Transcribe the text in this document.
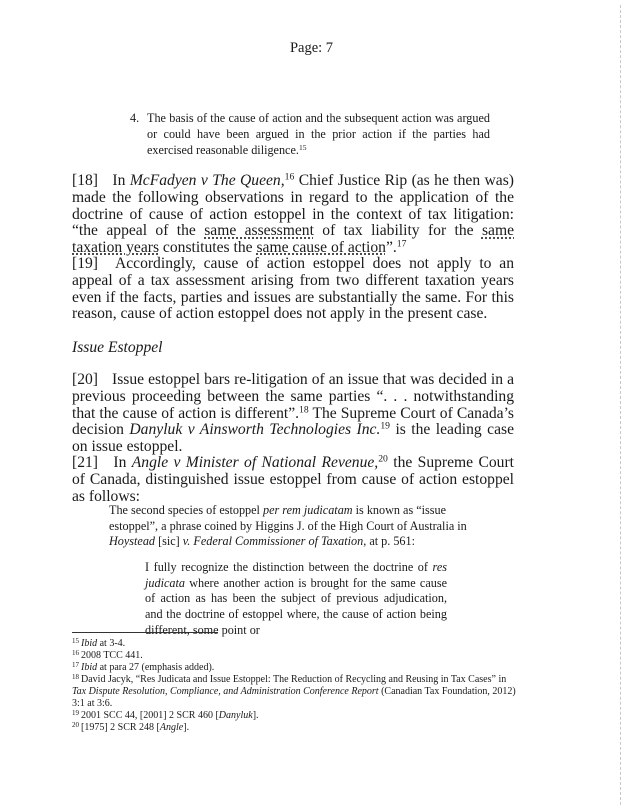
Page: 7
4. The basis of the cause of action and the subsequent action was argued or could have been argued in the prior action if the parties had exercised reasonable diligence.$^{15}$
[18] In McFadyen v The Queen,$^{16}$ Chief Justice Rip (as he then was) made the following observations in regard to the application of the doctrine of cause of action estoppel in the context of tax litigation: “the appeal of the same assessment of tax liability for the same taxation years constitutes the same cause of action”.$^{17}$
[19] Accordingly, cause of action estoppel does not apply to an appeal of a tax assessment arising from two different taxation years even if the facts, parties and issues are substantially the same. For this reason, cause of action estoppel does not apply in the present case.
Issue Estoppel
[20] Issue estoppel bars re-litigation of an issue that was decided in a previous proceeding between the same parties “. . . notwithstanding that the cause of action is different”.$^{18}$ The Supreme Court of Canada’s decision Danyluk v Ainsworth Technologies Inc.$^{19}$ is the leading case on issue estoppel.
[21] In Angle v Minister of National Revenue,$^{20}$ the Supreme Court of Canada, distinguished issue estoppel from cause of action estoppel as follows:
The second species of estoppel per rem judicatam is known as “issue estoppel”, a phrase coined by Higgins J. of the High Court of Australia in Hoystead [sic] v. Federal Commissioner of Taxation, at p. 561:
I fully recognize the distinction between the doctrine of res judicata where another action is brought for the same cause of action as has been the subject of previous adjudication, and the doctrine of estoppel where, the cause of action being different, some point or
$^{15}$ Ibid at 3-4.
$^{16}$ 2008 TCC 441.
$^{17}$ Ibid at para 27 (emphasis added).
$^{18}$ David Jacyk, “Res Judicata and Issue Estoppel: The Reduction of Recycling and Reusing in Tax Cases” in Tax Dispute Resolution, Compliance, and Administration Conference Report (Canadian Tax Foundation, 2012) 3:1 at 3:6.
$^{19}$ 2001 SCC 44, [2001] 2 SCR 460 [Danyluk].
$^{20}$ [1975] 2 SCR 248 [Angle].
